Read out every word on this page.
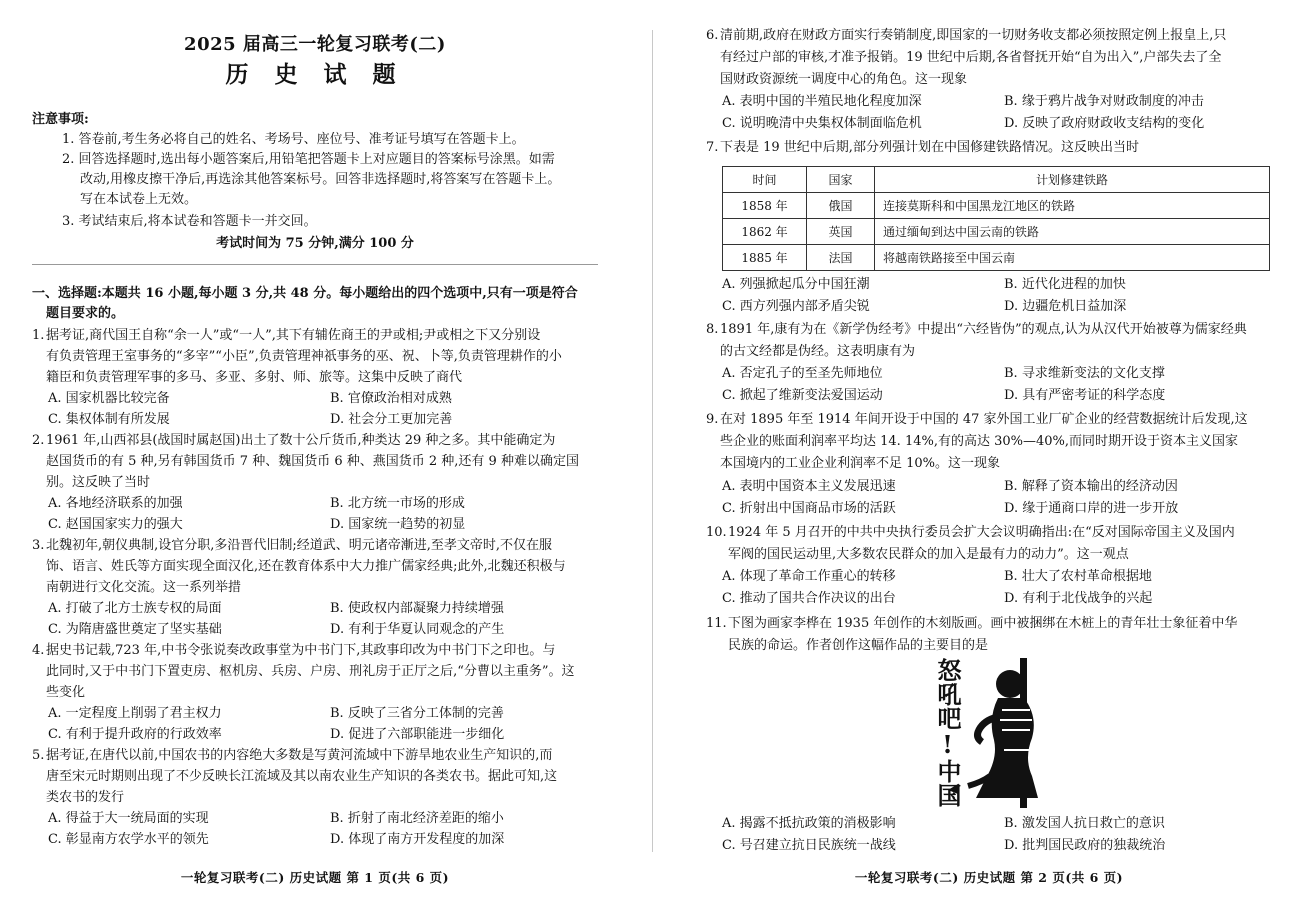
2025 届高三一轮复习联考(二)
历 史 试 题
注意事项:
1. 答卷前,考生务必将自己的姓名、考场号、座位号、准考证号填写在答题卡上。
2. 回答选择题时,选出每小题答案后,用铅笔把答题卡上对应题目的答案标号涂黑。如需
改动,用橡皮擦干净后,再选涂其他答案标号。回答非选择题时,将答案写在答题卡上。
写在本试卷上无效。
3. 考试结束后,将本试卷和答题卡一并交回。
考试时间为 75 分钟,满分 100 分
一、选择题:本题共 16 小题,每小题 3 分,共 48 分。每小题给出的四个选项中,只有一项是符合
题目要求的。
1. 据考证,商代国王自称“余一人”或“一人”,其下有辅佐商王的尹或相;尹或相之下又分别设
有负责管理王室事务的“多宰”“小臣”,负责管理神祇事务的巫、祝、卜等,负责管理耕作的小
籍臣和负责管理军事的多马、多亚、多射、师、旅等。这集中反映了商代
A. 国家机器比较完备	B. 官僚政治相对成熟
C. 集权体制有所发展	D. 社会分工更加完善
2. 1961 年,山西祁县(战国时属赵国)出土了数十公斤货币,种类达 29 种之多。其中能确定为
赵国货币的有 5 种,另有韩国货币 7 种、魏国货币 6 种、燕国货币 2 种,还有 9 种难以确定国
别。这反映了当时
A. 各地经济联系的加强	B. 北方统一市场的形成
C. 赵国国家实力的强大	D. 国家统一趋势的初显
3. 北魏初年,朝仪典制,设官分职,多沿晋代旧制;经道武、明元诸帝漸进,至孝文帝时,不仅在服
饰、语言、姓氏等方面实现全面汉化,还在教育体系中大力推广儒家经典;此外,北魏还积极与
南朝进行文化交流。这一系列举措
A. 打破了北方士族专权的局面	B. 使政权内部凝聚力持续增强
C. 为隋唐盛世奠定了坚实基础	D. 有利于华夏认同观念的产生
4. 据史书记载,723 年,中书令张说奏改政事堂为中书门下,其政事印改为中书门下之印也。与
此同时,又于中书门下置吏房、枢机房、兵房、户房、刑礼房于正厅之后,“分曹以主重务”。这
些变化
A. 一定程度上削弱了君主权力	B. 反映了三省分工体制的完善
C. 有利于提升政府的行政效率	D. 促进了六部职能进一步细化
5. 据考证,在唐代以前,中国农书的内容绝大多数是写黄河流域中下游旱地农业生产知识的,而
唐至宋元时期则出现了不少反映长江流域及其以南农业生产知识的各类农书。据此可知,这
类农书的发行
A. 得益于大一统局面的实现	B. 折射了南北经济差距的缩小
C. 彰显南方农学水平的领先	D. 体现了南方开发程度的加深
一轮复习联考(二) 历史试题 第 1 页(共 6 页)
6. 清前期,政府在财政方面实行奏销制度,即国家的一切财务收支都必须按照定例上报皇上,只
有经过户部的审核,才准予报销。19 世纪中后期,各省督抚开始“自为出入”,户部失去了全
国财政资源统一调度中心的角色。这一现象
A. 表明中国的半殖民地化程度加深	B. 缘于鸦片战争对财政制度的冲击
C. 说明晚清中央集权体制面临危机	D. 反映了政府财政收支结构的变化
7. 下表是 19 世纪中后期,部分列强计划在中国修建铁路情况。这反映出当时
时间	国家	计划修建铁路
1858 年	俄国	连接莫斯科和中国黑龙江地区的铁路
1862 年	英国	通过缅甸到达中国云南的铁路
1885 年	法国	将越南铁路接至中国云南
A. 列强掀起瓜分中国狂潮	B. 近代化进程的加快
C. 西方列强内部矛盾尖锐	D. 边疆危机日益加深
8. 1891 年,康有为在《新学伪经考》中提出“六经皆伪”的观点,认为从汉代开始被尊为儒家经典
的古文经都是伪经。这表明康有为
A. 否定孔子的至圣先师地位	B. 寻求维新变法的文化支撑
C. 掀起了维新变法爱国运动	D. 具有严密考证的科学态度
9. 在对 1895 年至 1914 年间开设于中国的 47 家外国工业厂矿企业的经营数据统计后发现,这
些企业的账面利润率平均达 14. 14%,有的高达 30%—40%,而同时期开设于资本主义国家
本国境内的工业企业利润率不足 10%。这一现象
A. 表明中国资本主义发展迅速	B. 解释了资本输出的经济动因
C. 折射出中国商品市场的活跃	D. 缘于通商口岸的进一步开放
10. 1924 年 5 月召开的中共中央执行委员会扩大会议明确指出:在“反对国际帝国主义及国内
军阀的国民运动里,大多数农民群众的加入是最有力的动力”。这一观点
A. 体现了革命工作重心的转移	B. 壮大了农村革命根据地
C. 推动了国共合作决议的出台	D. 有利于北伐战争的兴起
11. 下图为画家李桦在 1935 年创作的木刻版画。画中被捆绑在木桩上的青年壮士象征着中华
民族的命运。作者创作这幅作品的主要目的是
怒吼吧!中国
A. 揭露不抵抗政策的消极影响	B. 激发国人抗日救亡的意识
C. 号召建立抗日民族统一战线	D. 批判国民政府的独裁统治
一轮复习联考(二) 历史试题 第 2 页(共 6 页)
